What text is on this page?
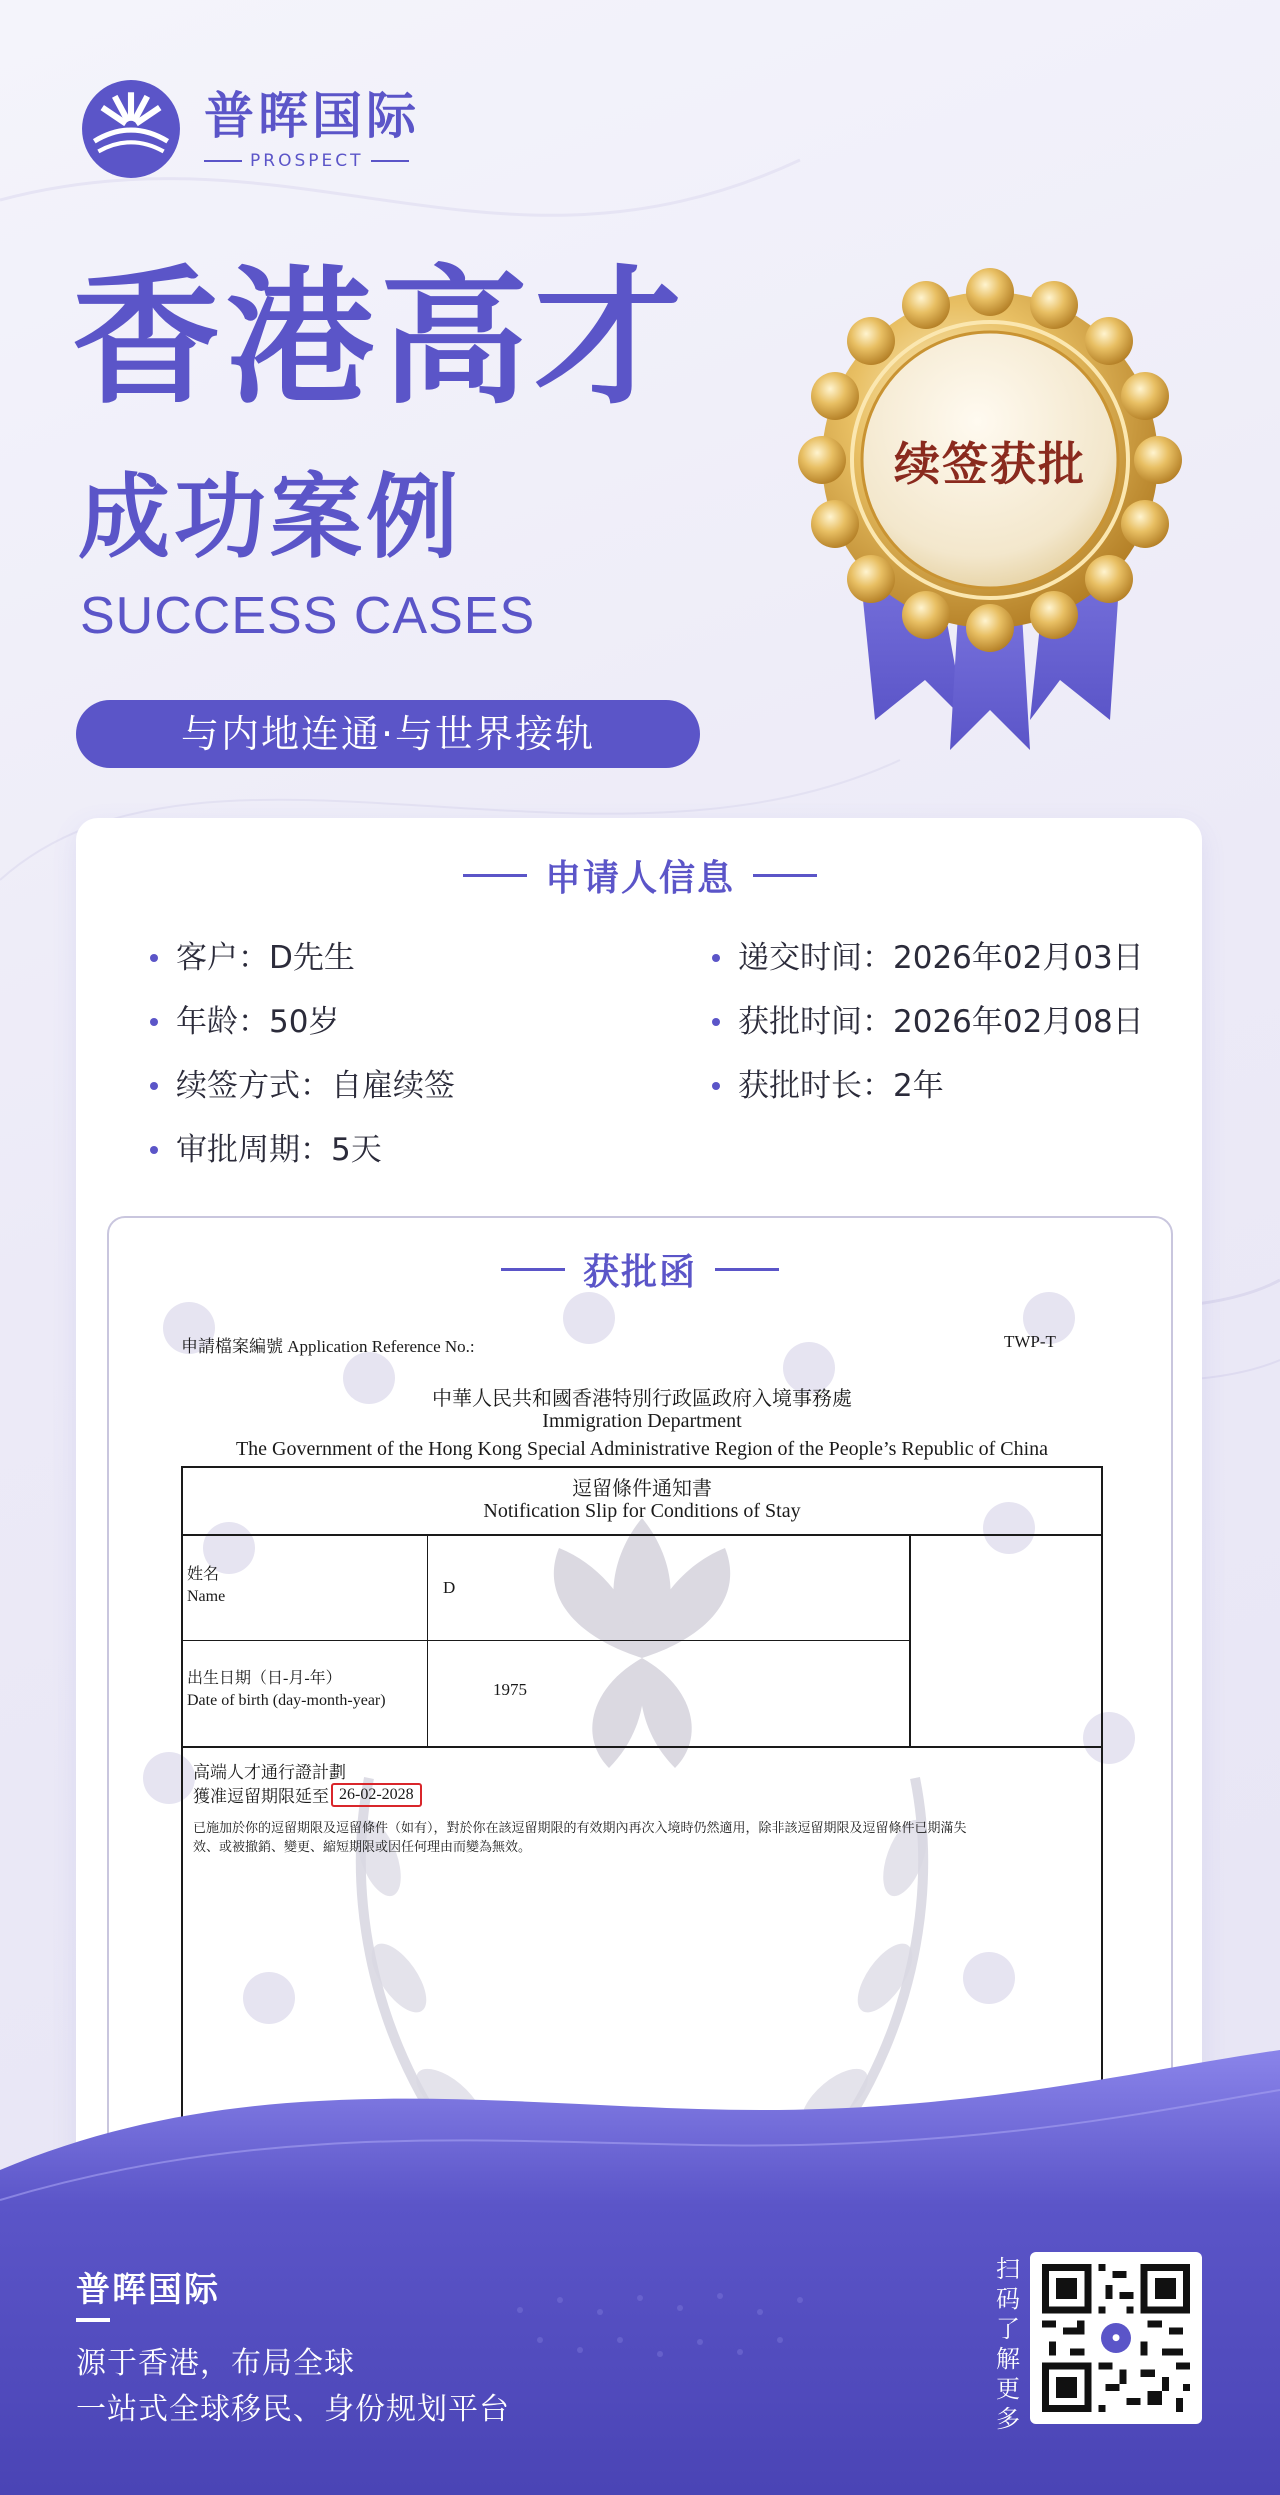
普晖国际
PROSPECT
香港高才
成功案例
SUCCESS CASES
与内地连通·与世界接轨
续签获批
申请人信息
客户：D先生
年龄：50岁
续签方式：自雇续签
审批周期：5天
递交时间：2026年02月03日
获批时间：2026年02月08日
获批时长：2年
申請檔案編號 Application Reference No.:	TWP-T
中華人民共和國香港特別行政區政府入境事務處
Immigration Department
The Government of the Hong Kong Special Administrative Region of the People’s Republic of China
逗留條件通知書
Notification Slip for Conditions of Stay
姓名
Name	D
出生日期（日-月-年）
Date of birth (day-month-year)
1975
高端人才通行證計劃
獲准逗留期限延至 26-02-2028
已施加於你的逗留期限及逗留條件（如有），對於你在該逗留期限的有效期內再次入境時仍然適用，除非該逗留期限及逗留條件已期滿失
效、或被撤銷、變更、縮短期限或因任何理由而變為無效。
获批函
普晖国际
源于香港，布局全球
一站式全球移民、身份规划平台
扫
码
了
解
更
多
●
